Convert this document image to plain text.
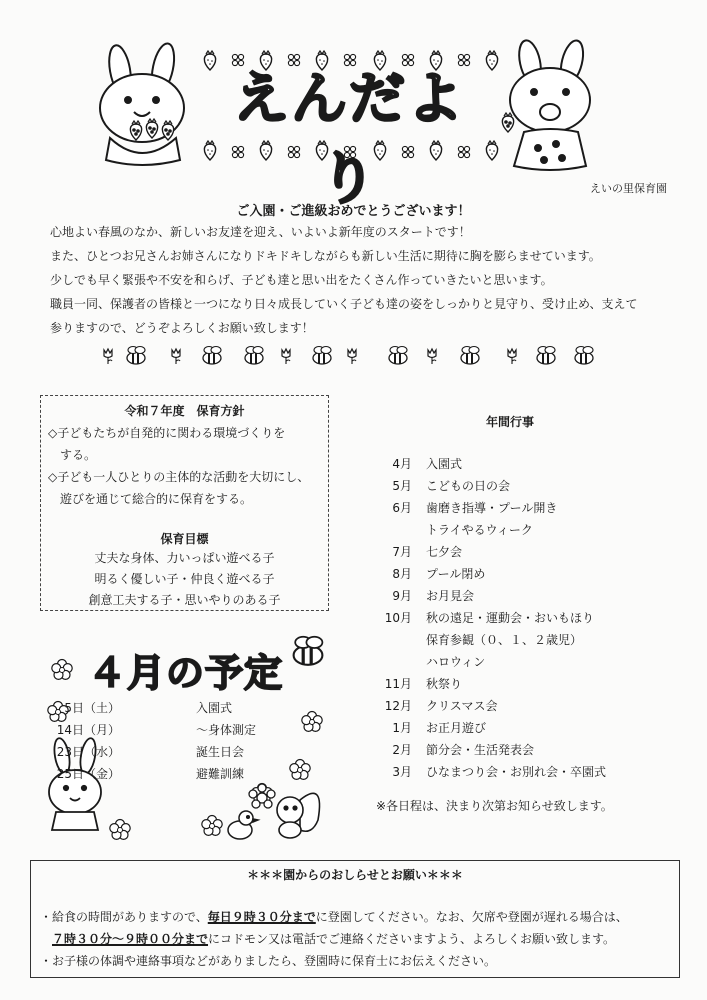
えんだより	えいの里保育園
ご入園・ご進級おめでとうございます！

心地よい春風のなか、新しいお友達を迎え、いよいよ新年度のスタートです！

また、ひとつお兄さんお姉さんになりドキドキしながらも新しい生活に期待に胸を膨らませています。

少しでも早く緊張や不安を和らげ、子ども達と思い出をたくさん作っていきたいと思います。

職員一同、保護者の皆様と一つになり日々成長していく子ども達の姿をしっかりと見守り、受け止め、支えて

参りますので、どうぞよろしくお願い致します！

令和７年度　保育方針

◇子どもたちが自発的に関わる環境づくりを

　する。

◇子ども一人ひとりの主体的な活動を大切にし、

　遊びを通じて総合的に保育をする。

保育目標

丈夫な身体、力いっぱい遊べる子

明るく優しい子・仲良く遊べる子

創意工夫する子・思いやりのある子

年間行事
4月 入園式
5月 こどもの日の会
6月 歯磨き指導・プール開き
トライやるウィーク
7月 七夕会
8月 プール閉め
9月 お月見会
10月 秋の遠足・運動会・おいもほり
保育参観（０、１、２歳児）
ハロウィン
11月 秋祭り
12月 クリスマス会
1月 お正月遊び
2月 節分会・生活発表会
3月 ひなまつり会・お別れ会・卒園式
※各日程は、決まり次第お知らせ致します。
４月の予定
5日（土）	入園式
14日（月）	～身体測定
23日（水）	誕生日会
25日（金）	避難訓練
＊＊＊園からのおしらせとお願い＊＊＊

・給食の時間がありますので、毎日９時３０分までに登園してください。なお、欠席や登園が遅れる場合は、

７時３０分～９時００分までにコドモン又は電話でご連絡くださいますよう、よろしくお願い致します。

・お子様の体調や連絡事項などがありましたら、登園時に保育士にお伝えください。
